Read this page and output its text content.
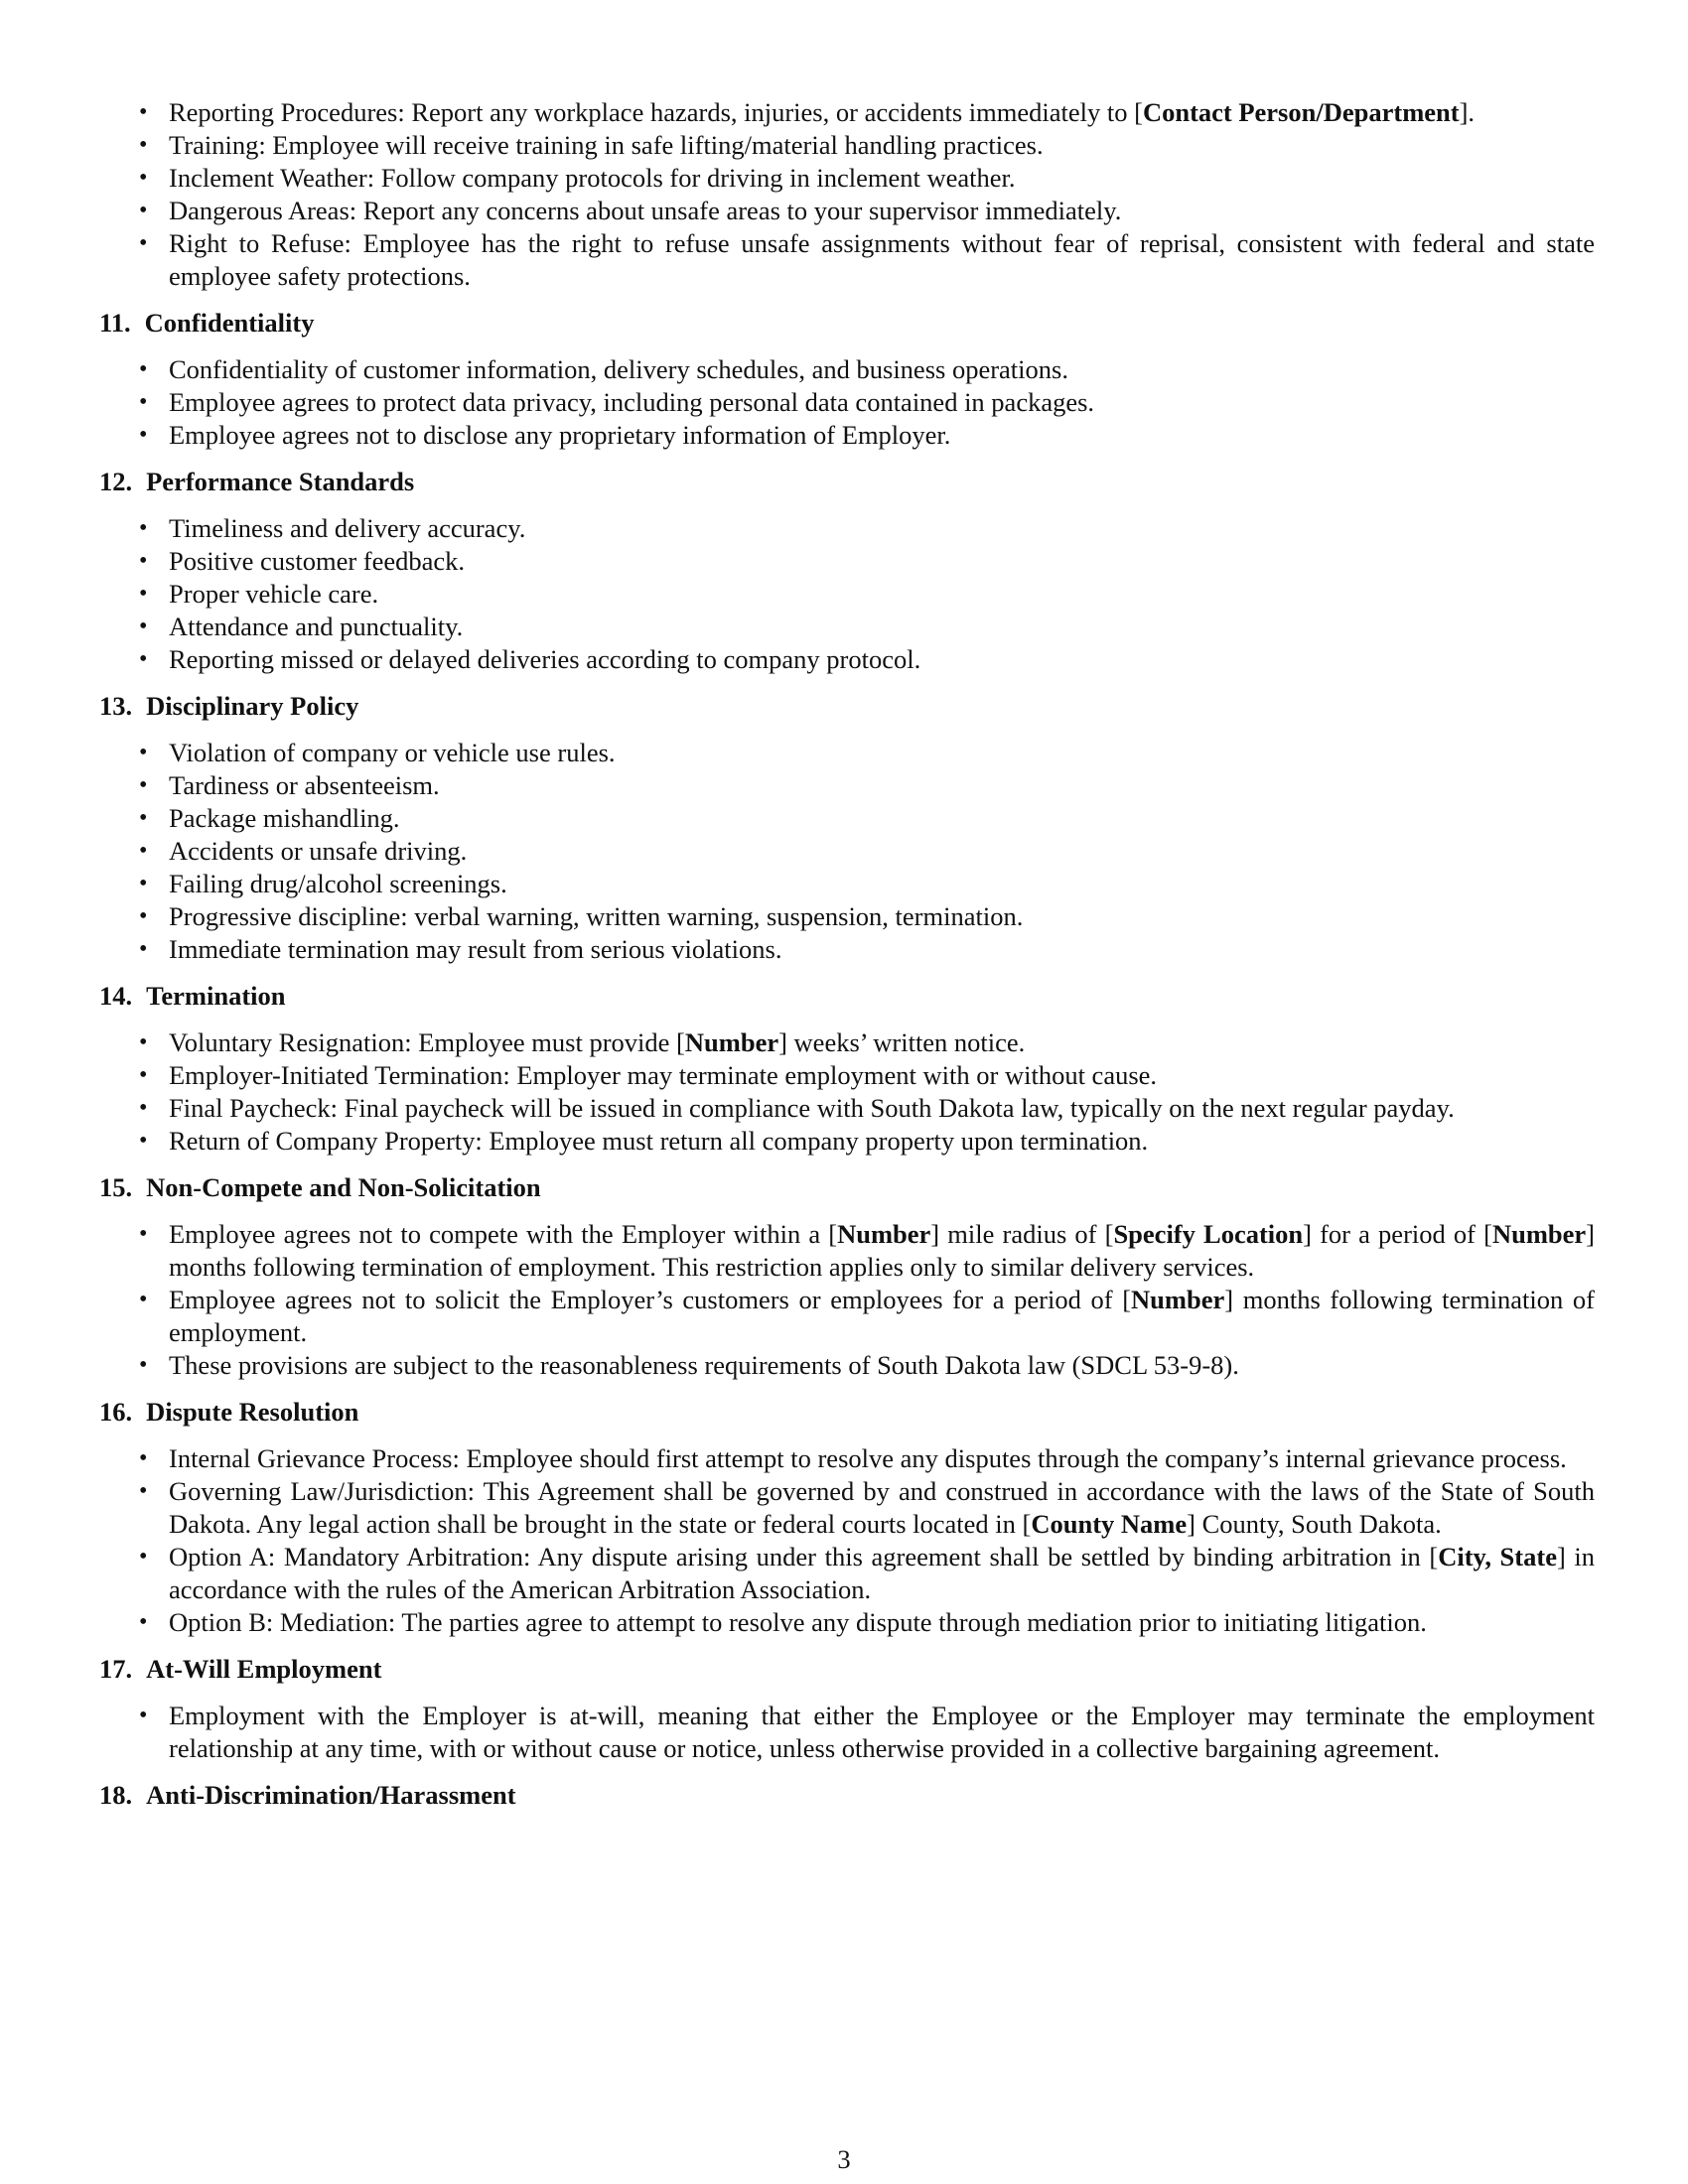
• Reporting Procedures: Report any workplace hazards, injuries, or accidents immediately to [Contact Person/Department].
• Training: Employee will receive training in safe lifting/material handling practices.
• Inclement Weather: Follow company protocols for driving in inclement weather.
• Dangerous Areas: Report any concerns about unsafe areas to your supervisor immediately.
• Right to Refuse: Employee has the right to refuse unsafe assignments without fear of reprisal, consistent with federal and state employee safety protections.
11. Confidentiality
• Confidentiality of customer information, delivery schedules, and business operations.
• Employee agrees to protect data privacy, including personal data contained in packages.
• Employee agrees not to disclose any proprietary information of Employer.
12. Performance Standards
• Timeliness and delivery accuracy.
• Positive customer feedback.
• Proper vehicle care.
• Attendance and punctuality.
• Reporting missed or delayed deliveries according to company protocol.
13. Disciplinary Policy
• Violation of company or vehicle use rules.
• Tardiness or absenteeism.
• Package mishandling.
• Accidents or unsafe driving.
• Failing drug/alcohol screenings.
• Progressive discipline: verbal warning, written warning, suspension, termination.
• Immediate termination may result from serious violations.
14. Termination
• Voluntary Resignation: Employee must provide [Number] weeks’ written notice.
• Employer-Initiated Termination: Employer may terminate employment with or without cause.
• Final Paycheck: Final paycheck will be issued in compliance with South Dakota law, typically on the next regular payday.
• Return of Company Property: Employee must return all company property upon termination.
15. Non-Compete and Non-Solicitation
• Employee agrees not to compete with the Employer within a [Number] mile radius of [Specify Location] for a period of [Number] months following termination of employment. This restriction applies only to similar delivery services.
• Employee agrees not to solicit the Employer’s customers or employees for a period of [Number] months following termination of employment.
• These provisions are subject to the reasonableness requirements of South Dakota law (SDCL 53-9-8).
16. Dispute Resolution
• Internal Grievance Process: Employee should first attempt to resolve any disputes through the company’s internal grievance process.
• Governing Law/Jurisdiction: This Agreement shall be governed by and construed in accordance with the laws of the State of South Dakota. Any legal action shall be brought in the state or federal courts located in [County Name] County, South Dakota.
• Option A: Mandatory Arbitration: Any dispute arising under this agreement shall be settled by binding arbitration in [City, State] in accordance with the rules of the American Arbitration Association.
• Option B: Mediation: The parties agree to attempt to resolve any dispute through mediation prior to initiating litigation.
17. At-Will Employment
• Employment with the Employer is at-will, meaning that either the Employee or the Employer may terminate the employment relationship at any time, with or without cause or notice, unless otherwise provided in a collective bargaining agreement.
18. Anti-Discrimination/Harassment
3
